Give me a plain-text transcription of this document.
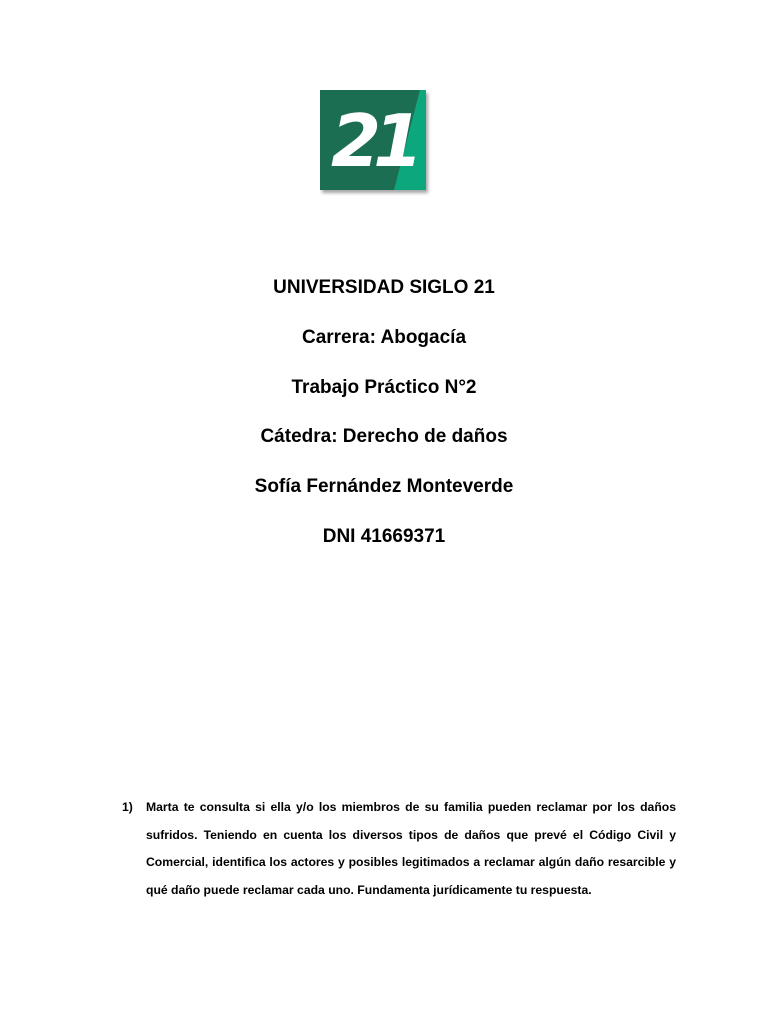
21
UNIVERSIDAD SIGLO 21
Carrera: Abogacía
Trabajo Práctico N°2
Cátedra: Derecho de daños
Sofía Fernández Monteverde
DNI 41669371
1)	Marta te consulta si ella y/o los miembros de su familia pueden reclamar por los daños sufridos. Teniendo en cuenta los diversos tipos de daños que prevé el Código Civil y Comercial, identifica los actores y posibles legitimados a reclamar algún daño resarcible y qué daño puede reclamar cada uno. Fundamenta jurídicamente tu respuesta.
